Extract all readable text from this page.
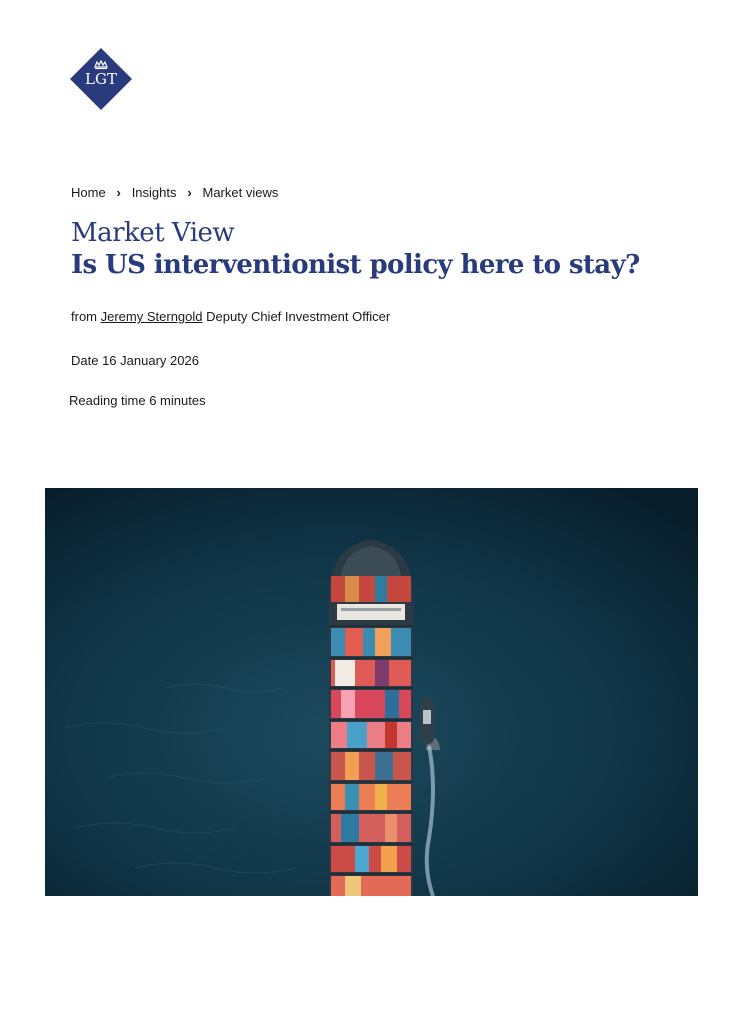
LGT
Home › Insights › Market views
Market View
Is US interventionist policy here to stay?
from Jeremy Sterngold Deputy Chief Investment Officer
Date 16 January 2026
Reading time 6 minutes
